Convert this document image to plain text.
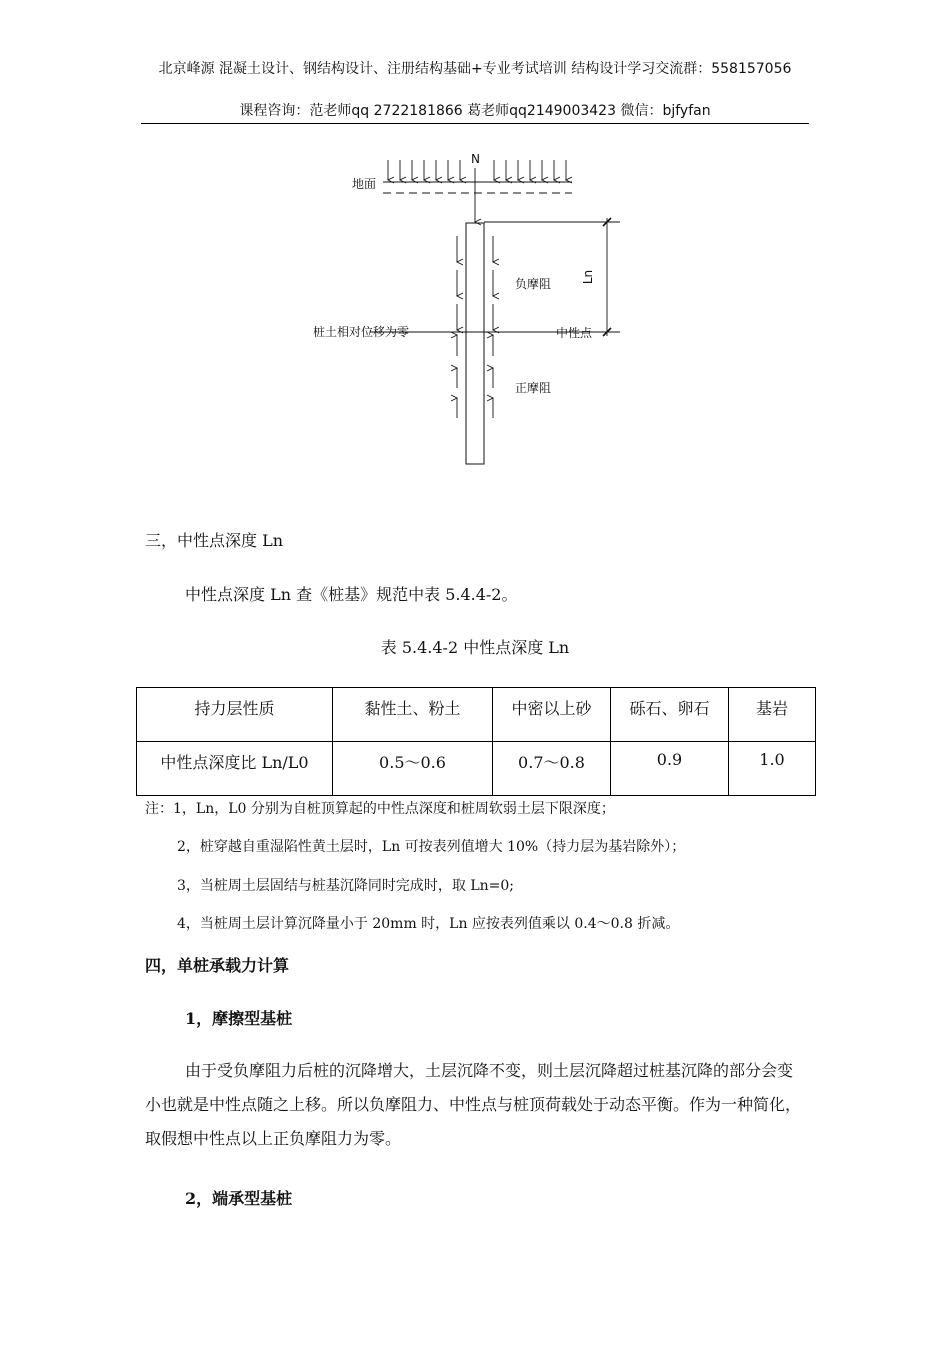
北京峰源 混凝土设计、钢结构设计、注册结构基础+专业考试培训 结构设计学习交流群：558157056
课程咨询：范老师qq 2722181866 葛老师qq2149003423 微信：bjfyfan
地面
N
Ln
负摩阻
桩土相对位移为零	中性点
正摩阻
三，中性点深度 Ln
中性点深度 Ln 查《桩基》规范中表 5.4.4-2。
表 5.4.4-2 中性点深度 Ln
持力层性质	黏性土、粉土	中密以上砂	砾石、卵石	基岩
中性点深度比 Ln/L0	0.5～0.6	0.7～0.8	0.9	1.0
注：1，Ln，L0 分别为自桩顶算起的中性点深度和桩周软弱土层下限深度；
2，桩穿越自重湿陷性黄土层时，Ln 可按表列值增大 10%（持力层为基岩除外）；
3，当桩周土层固结与桩基沉降同时完成时，取 Ln=0;
4，当桩周土层计算沉降量小于 20mm 时，Ln 应按表列值乘以 0.4～0.8 折减。
四，单桩承载力计算
1，摩擦型基桩
由于受负摩阻力后桩的沉降增大，土层沉降不变，则土层沉降超过桩基沉降的部分会变小也就是中性点随之上移。所以负摩阻力、中性点与桩顶荷载处于动态平衡。作为一种简化，取假想中性点以上正负摩阻力为零。
2，端承型基桩
